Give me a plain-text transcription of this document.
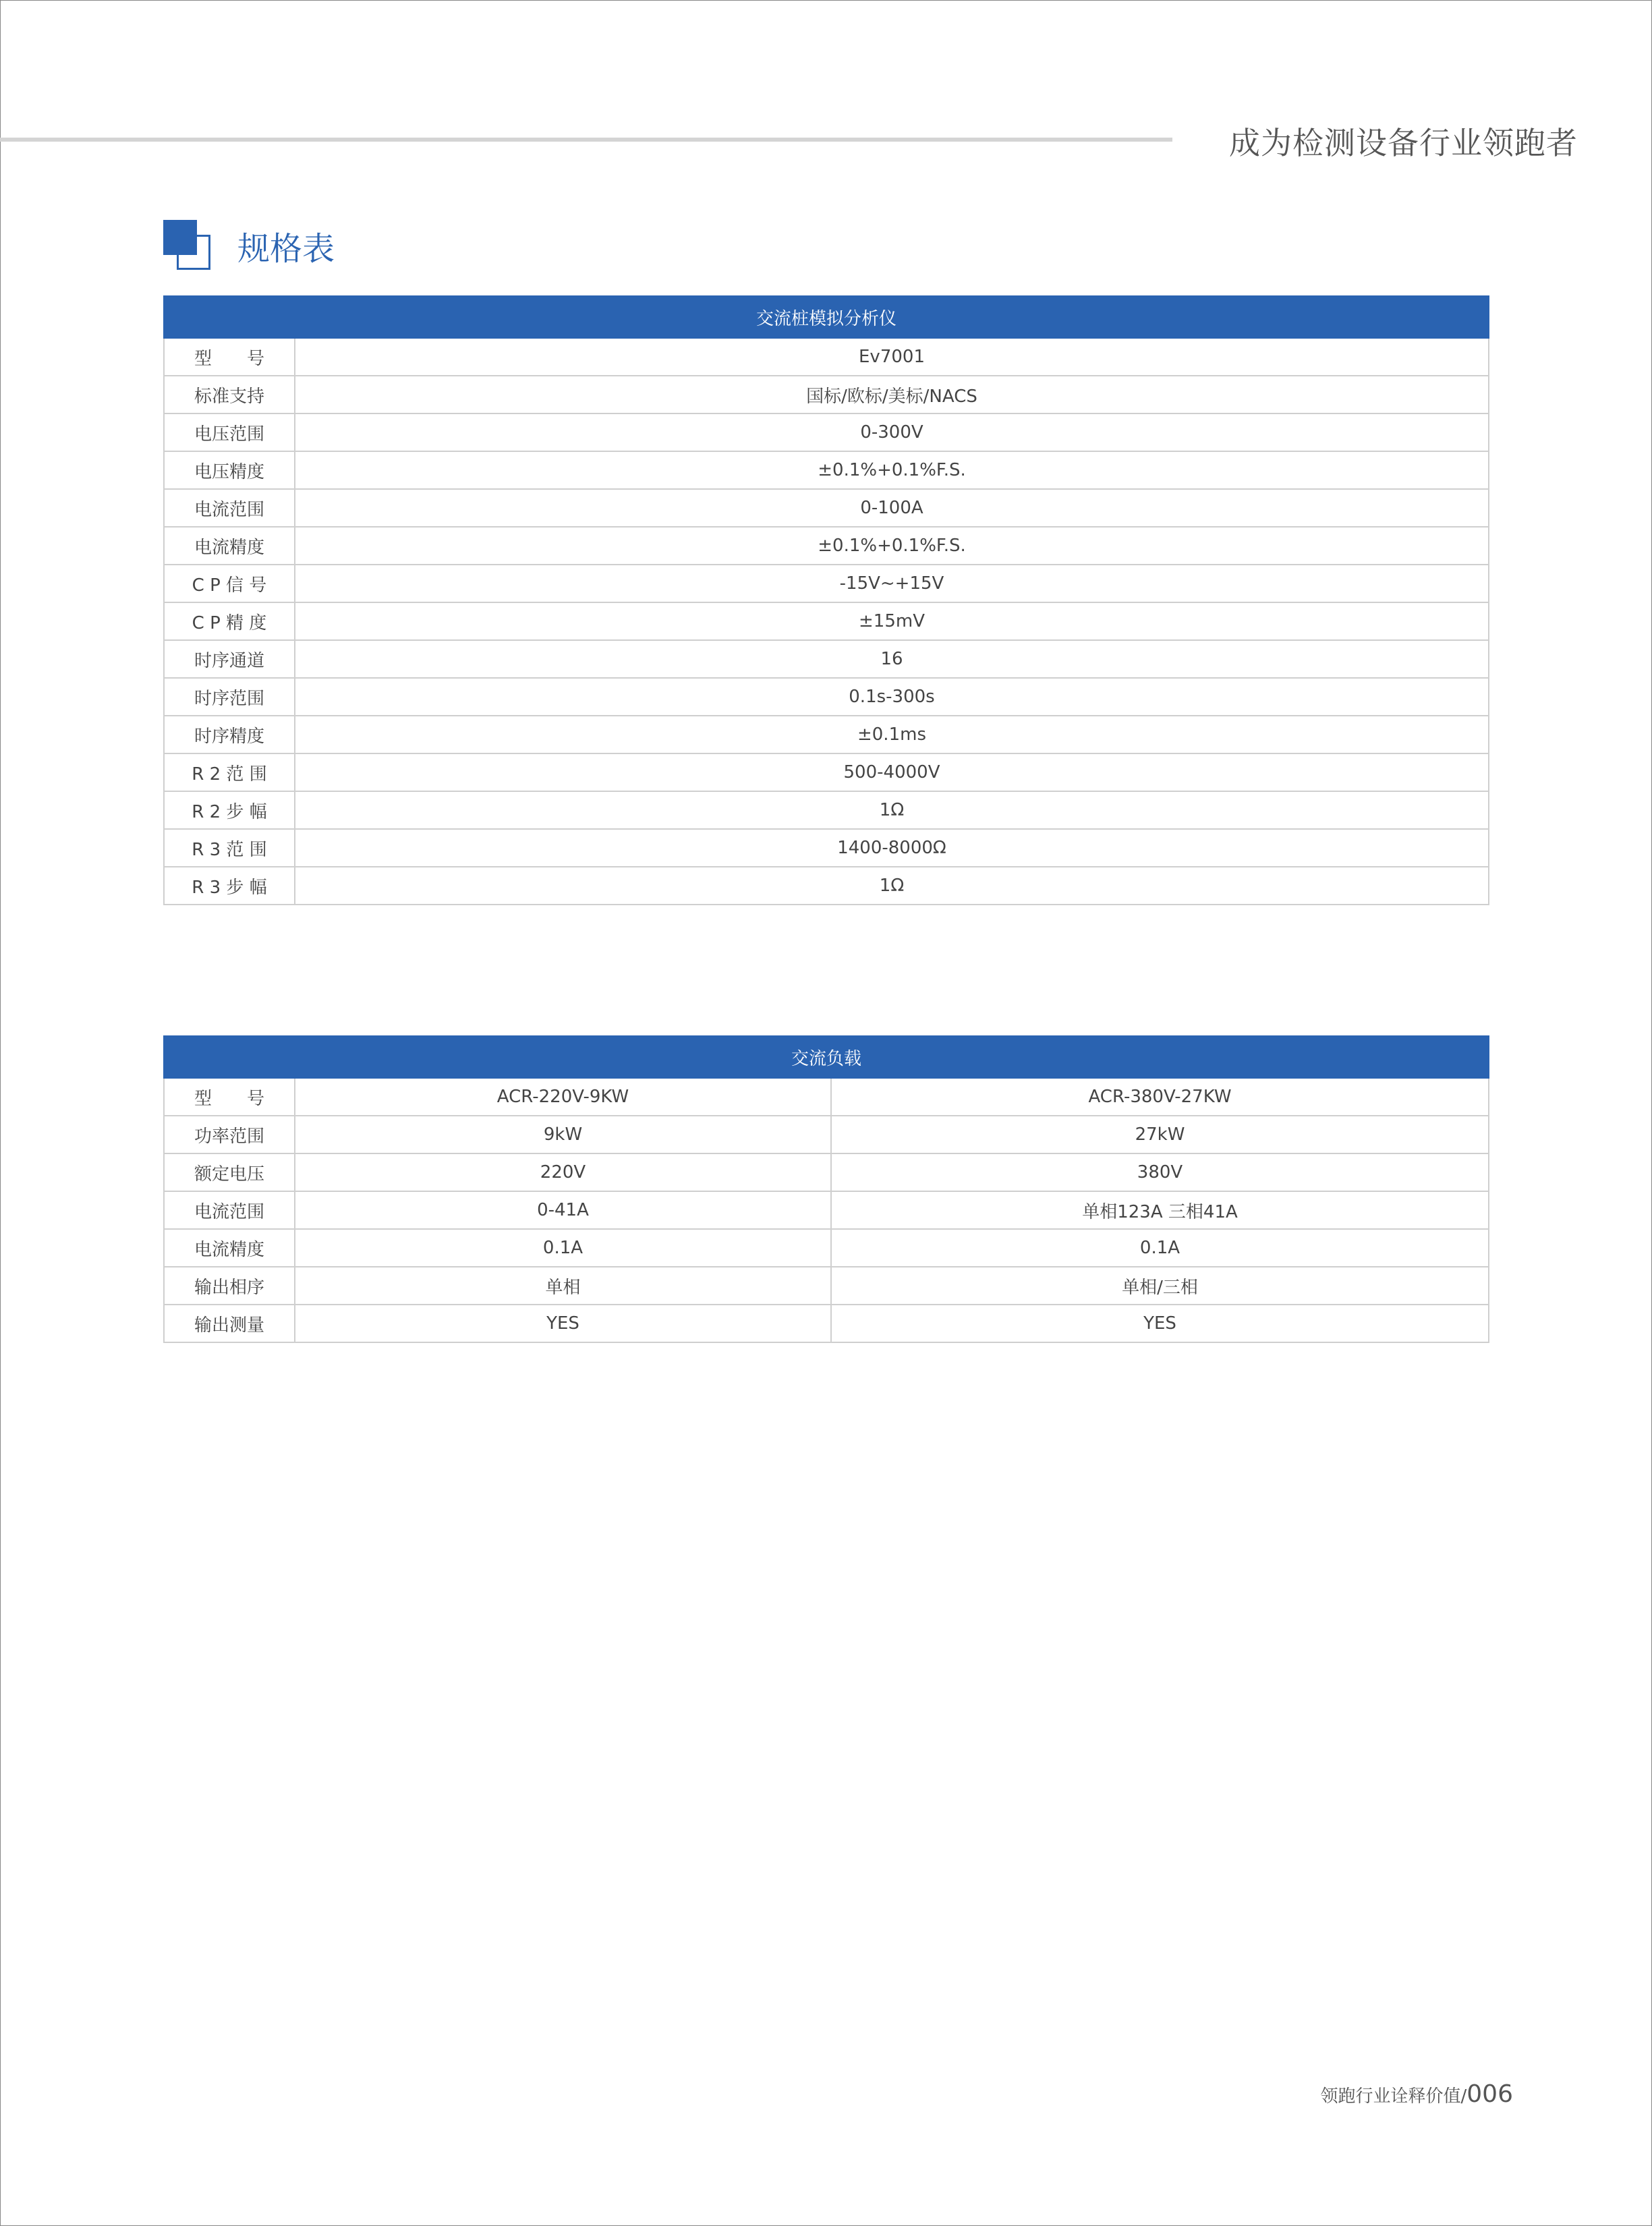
成为检测设备行业领跑者
规格表
交流桩模拟分析仪	
型　　号	Ev7001
标准支持	国标/欧标/美标/NACS
电压范围	0-300V
电压精度	±0.1%+0.1%F.S.
电流范围	0-100A
电流精度	±0.1%+0.1%F.S.
C P 信 号	-15V~+15V
C P 精 度	±15mV
时序通道	16
时序范围	0.1s-300s
时序精度	±0.1ms
R 2 范 围	500-4000V
R 2 步 幅	1Ω
R 3 范 围	1400-8000Ω
R 3 步 幅	1Ω
交流负载		
型　　号	ACR-220V-9KW	ACR-380V-27KW
功率范围	9kW	27kW
额定电压	220V	380V
电流范围	0-41A	单相123A 三相41A
电流精度	0.1A	0.1A
输出相序	单相	单相/三相
输出测量	YES	YES
领跑行业诠释价值/006
